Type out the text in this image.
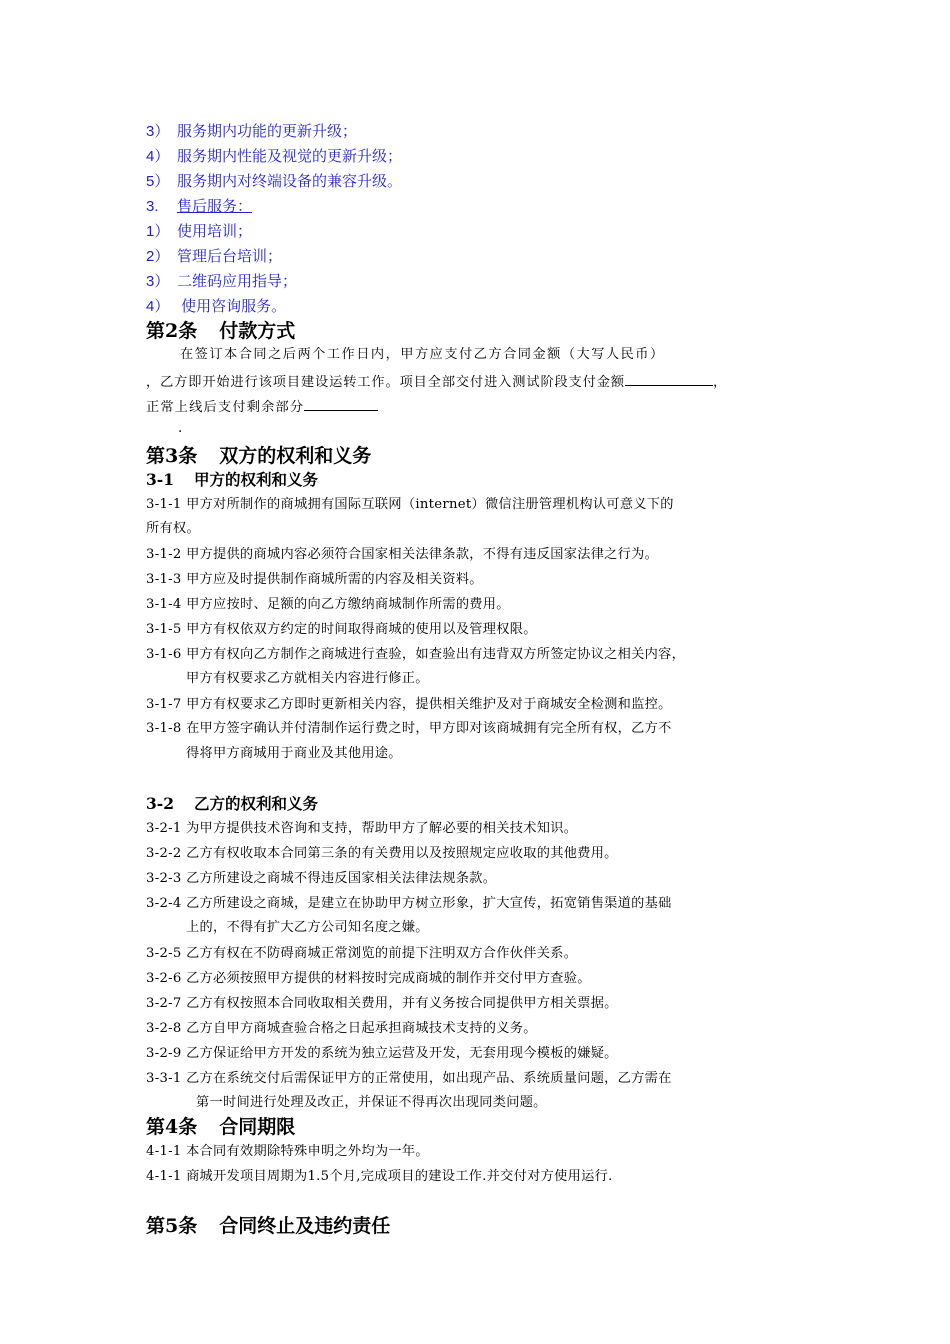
3） 服务期内功能的更新升级；
4） 服务期内性能及视觉的更新升级；
5） 服务期内对终端设备的兼容升级。
3. 售后服务：
1） 使用培训；
2） 管理后台培训；
3） 二维码应用指导；
4） 使用咨询服务。
第2条 付款方式
在签订本合同之后两个工作日内，甲方应支付乙方合同金额（大写人民币）
，乙方即开始进行该项目建设运转工作。项目全部交付进入测试阶段支付金额	，
正常上线后支付剩余部分
.
第3条 双方的权利和义务
3-1 甲方的权利和义务
3-1-1 甲方对所制作的商城拥有国际互联网（internet）微信注册管理机构认可意义下的
所有权。
3-1-2 甲方提供的商城内容必须符合国家相关法律条款，不得有违反国家法律之行为。
3-1-3 甲方应及时提供制作商城所需的内容及相关资料。
3-1-4 甲方应按时、足额的向乙方缴纳商城制作所需的费用。
3-1-5 甲方有权依双方约定的时间取得商城的使用以及管理权限。
3-1-6 甲方有权向乙方制作之商城进行查验，如查验出有违背双方所签定协议之相关内容，
甲方有权要求乙方就相关内容进行修正。
3-1-7 甲方有权要求乙方即时更新相关内容，提供相关维护及对于商城安全检测和监控。
3-1-8 在甲方签字确认并付清制作运行费之时，甲方即对该商城拥有完全所有权，乙方不
得将甲方商城用于商业及其他用途。
3-2 乙方的权利和义务
3-2-1 为甲方提供技术咨询和支持，帮助甲方了解必要的相关技术知识。
3-2-2 乙方有权收取本合同第三条的有关费用以及按照规定应收取的其他费用。
3-2-3 乙方所建设之商城不得违反国家相关法律法规条款。
3-2-4 乙方所建设之商城，是建立在协助甲方树立形象，扩大宣传，拓宽销售渠道的基础
上的，不得有扩大乙方公司知名度之嫌。
3-2-5 乙方有权在不防碍商城正常浏览的前提下注明双方合作伙伴关系。
3-2-6 乙方必须按照甲方提供的材料按时完成商城的制作并交付甲方查验。
3-2-7 乙方有权按照本合同收取相关费用，并有义务按合同提供甲方相关票据。
3-2-8 乙方自甲方商城查验合格之日起承担商城技术支持的义务。
3-2-9 乙方保证给甲方开发的系统为独立运营及开发，无套用现今模板的嫌疑。
3-3-1 乙方在系统交付后需保证甲方的正常使用，如出现产品、系统质量问题，乙方需在
第一时间进行处理及改正，并保证不得再次出现同类问题。
第4条 合同期限
4-1-1 本合同有效期除特殊申明之外均为一年。
4-1-1 商城开发项目周期为1.5个月,完成项目的建设工作.并交付对方使用运行.
第5条 合同终止及违约责任
